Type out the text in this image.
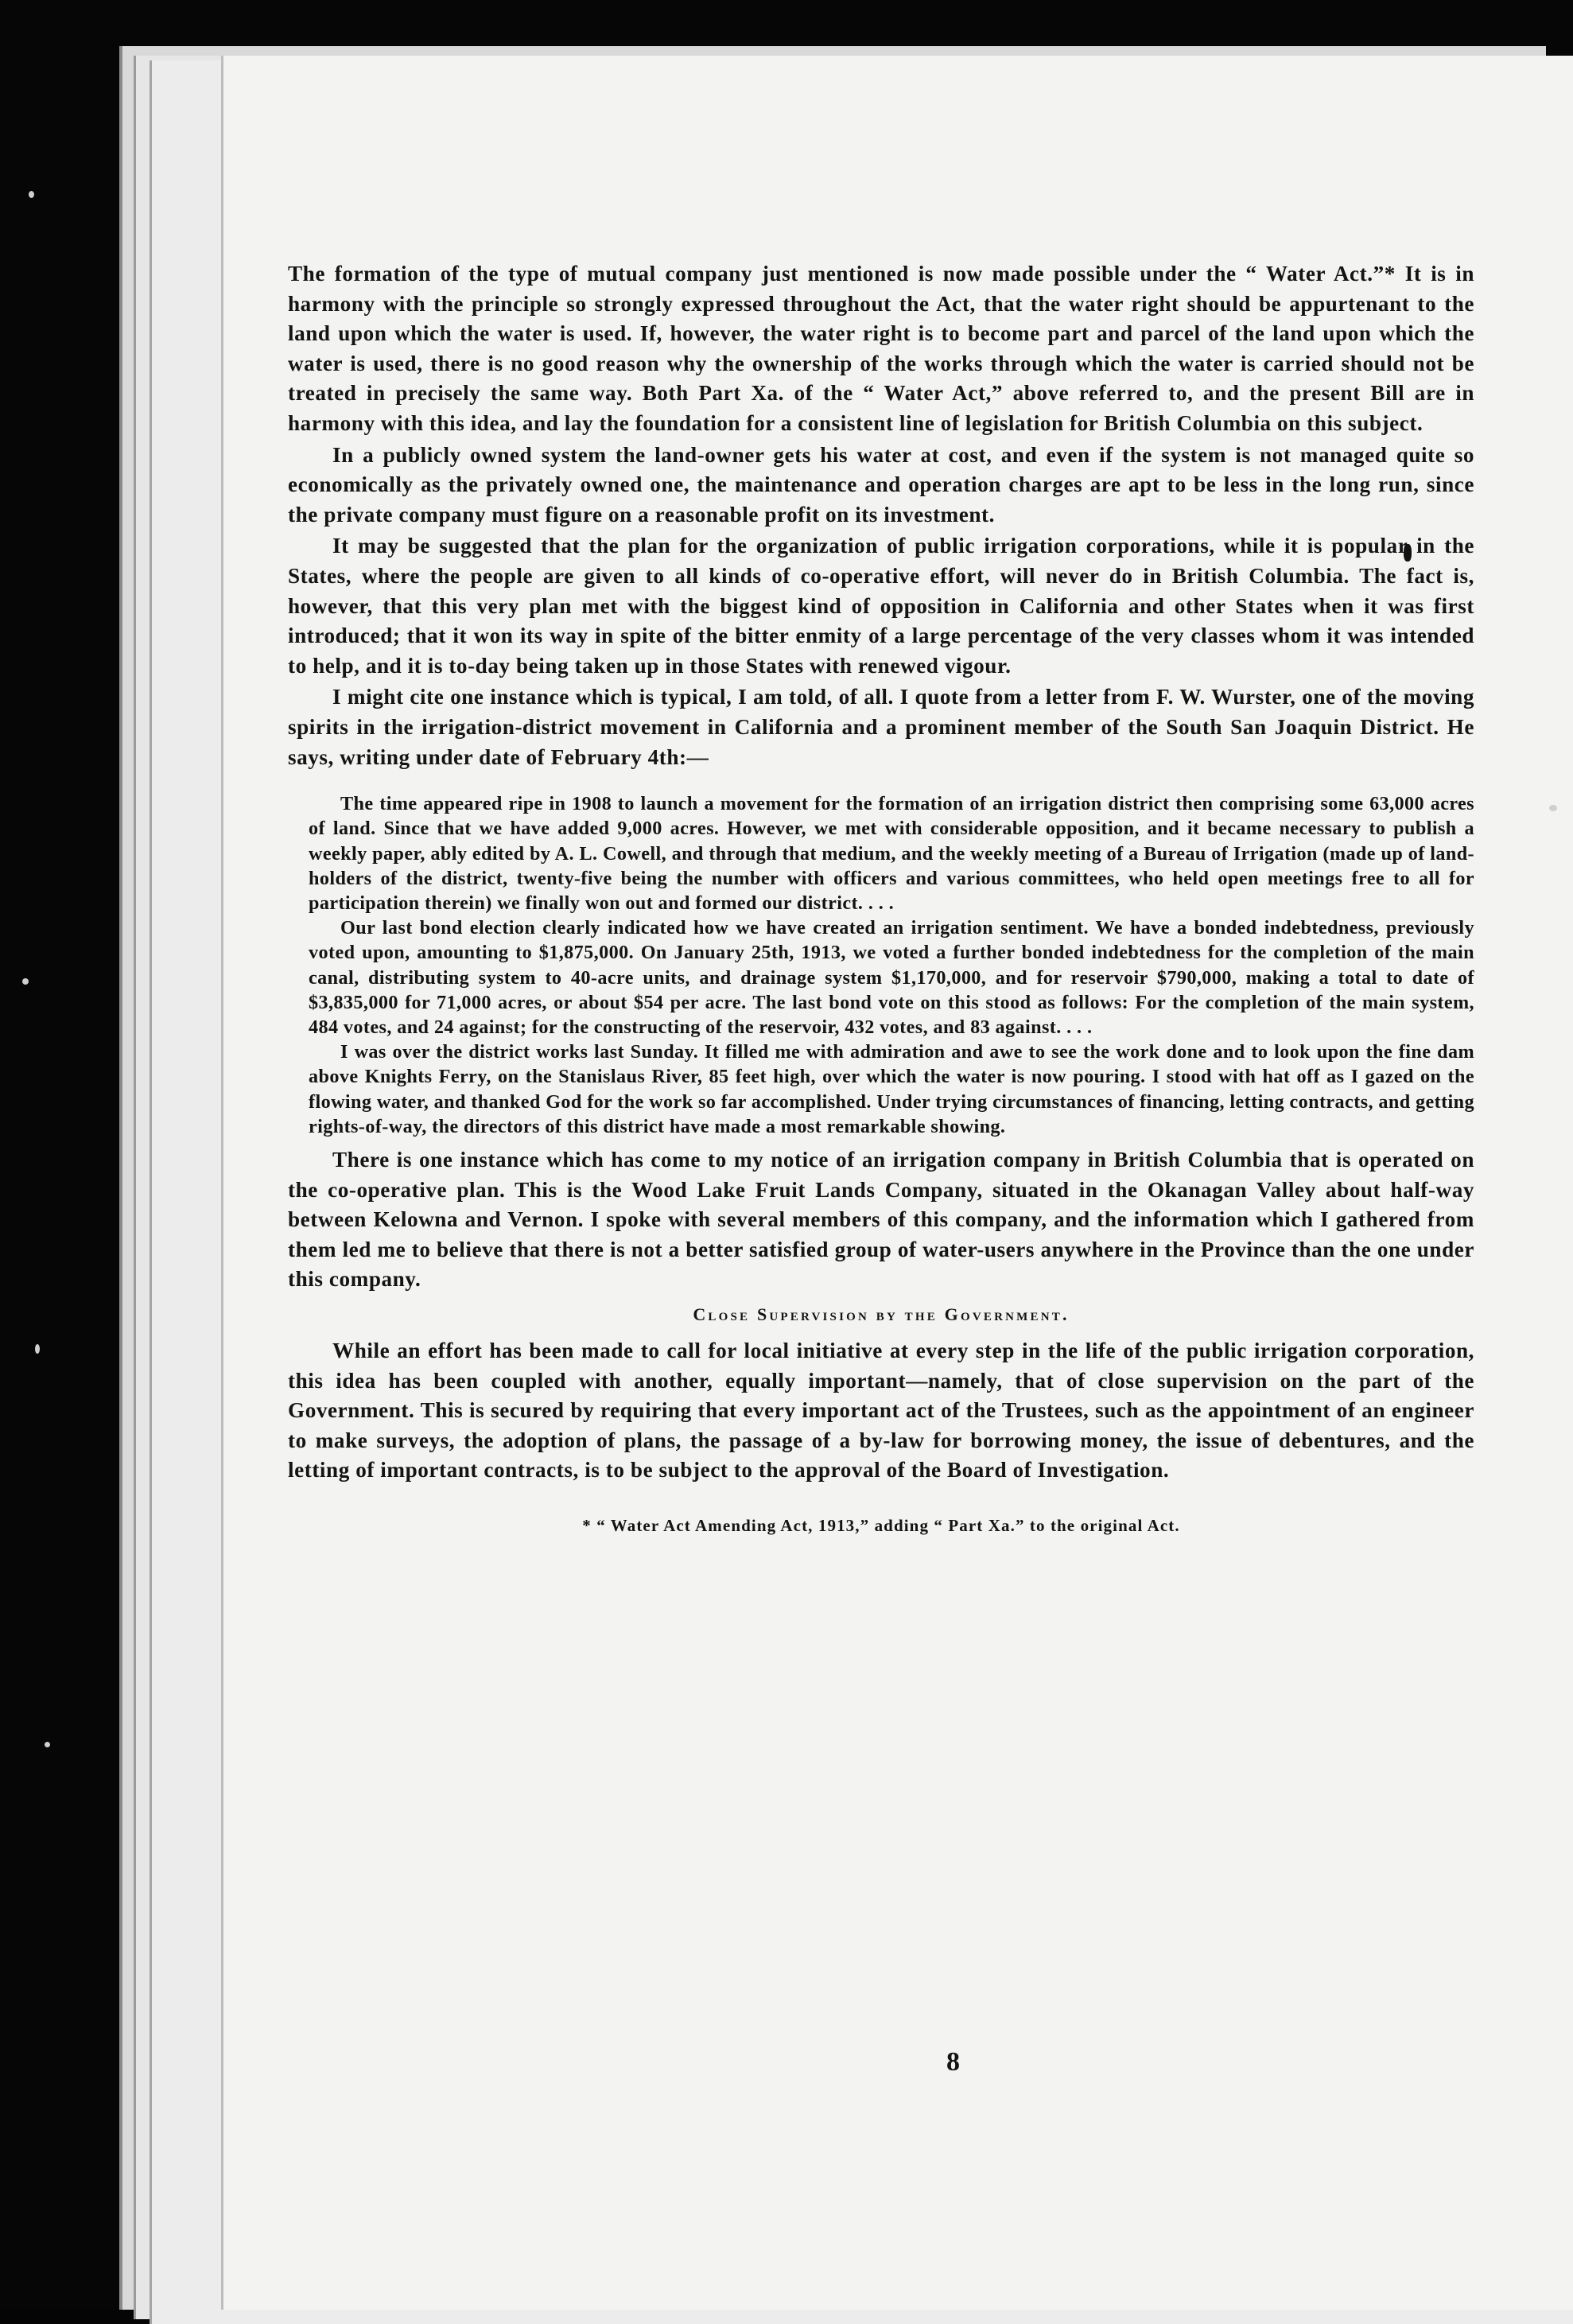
The formation of the type of mutual company just mentioned is now made possible under the “ Water Act.”* It is in harmony with the principle so strongly expressed throughout the Act, that the water right should be appurtenant to the land upon which the water is used. If, however, the water right is to become part and parcel of the land upon which the water is used, there is no good reason why the ownership of the works through which the water is carried should not be treated in precisely the same way. Both Part Xa. of the “ Water Act,” above referred to, and the present Bill are in harmony with this idea, and lay the foundation for a consistent line of legislation for British Columbia on this subject.

In a publicly owned system the land-owner gets his water at cost, and even if the system is not managed quite so economically as the privately owned one, the maintenance and operation charges are apt to be less in the long run, since the private company must figure on a reasonable profit on its investment.

It may be suggested that the plan for the organization of public irrigation corporations, while it is popular in the States, where the people are given to all kinds of co-operative effort, will never do in British Columbia. The fact is, however, that this very plan met with the biggest kind of opposition in California and other States when it was first introduced; that it won its way in spite of the bitter enmity of a large percentage of the very classes whom it was intended to help, and it is to-day being taken up in those States with renewed vigour.

I might cite one instance which is typical, I am told, of all. I quote from a letter from F. W. Wurster, one of the moving spirits in the irrigation-district movement in California and a prominent member of the South San Joaquin District. He says, writing under date of February 4th:—

The time appeared ripe in 1908 to launch a movement for the formation of an irrigation district then comprising some 63,000 acres of land. Since that we have added 9,000 acres. However, we met with considerable opposition, and it became necessary to publish a weekly paper, ably edited by A. L. Cowell, and through that medium, and the weekly meeting of a Bureau of Irrigation (made up of land-holders of the district, twenty-five being the number with officers and various committees, who held open meetings free to all for participation therein) we finally won out and formed our district. . . .

Our last bond election clearly indicated how we have created an irrigation sentiment. We have a bonded indebtedness, previously voted upon, amounting to $1,875,000. On January 25th, 1913, we voted a further bonded indebtedness for the completion of the main canal, distributing system to 40-acre units, and drainage system $1,170,000, and for reservoir $790,000, making a total to date of $3,835,000 for 71,000 acres, or about $54 per acre. The last bond vote on this stood as follows: For the completion of the main system, 484 votes, and 24 against; for the constructing of the reservoir, 432 votes, and 83 against. . . .

I was over the district works last Sunday. It filled me with admiration and awe to see the work done and to look upon the fine dam above Knights Ferry, on the Stanislaus River, 85 feet high, over which the water is now pouring. I stood with hat off as I gazed on the flowing water, and thanked God for the work so far accomplished. Under trying circumstances of financing, letting contracts, and getting rights-of-way, the directors of this district have made a most remarkable showing.

There is one instance which has come to my notice of an irrigation company in British Columbia that is operated on the co-operative plan. This is the Wood Lake Fruit Lands Company, situated in the Okanagan Valley about half-way between Kelowna and Vernon. I spoke with several members of this company, and the information which I gathered from them led me to believe that there is not a better satisfied group of water-users anywhere in the Province than the one under this company.

Close Supervision by the Government.

While an effort has been made to call for local initiative at every step in the life of the public irrigation corporation, this idea has been coupled with another, equally important—namely, that of close supervision on the part of the Government. This is secured by requiring that every important act of the Trustees, such as the appointment of an engineer to make surveys, the adoption of plans, the passage of a by-law for borrowing money, the issue of debentures, and the letting of important contracts, is to be subject to the approval of the Board of Investigation.

* “ Water Act Amending Act, 1913,” adding “ Part Xa.” to the original Act.
8
